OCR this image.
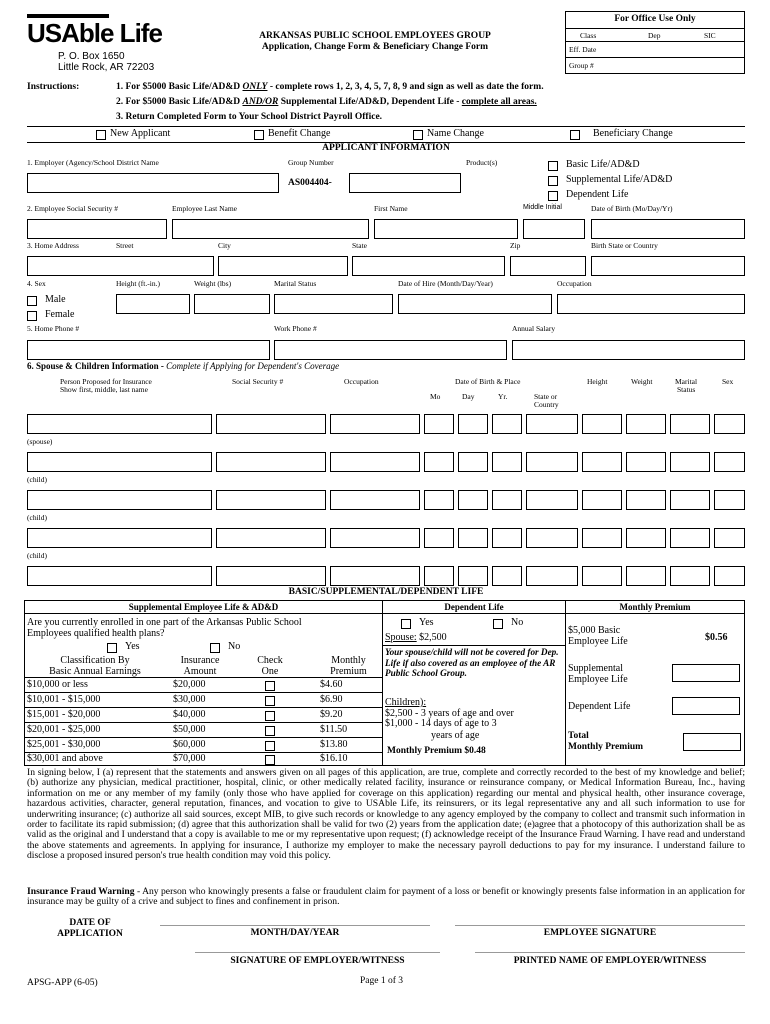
USAble Life
P. O. Box 1650
Little Rock, AR 72203
ARKANSAS PUBLIC SCHOOL EMPLOYEES GROUP
Application, Change Form & Beneficiary Change Form
For Office Use Only
Class	Dep	SIC
Eff. Date
Group #
Instructions:	1. For $5000 Basic Life/AD&D ONLY - complete rows 1, 2, 3, 4, 5, 7, 8, 9 and sign as well as date the form.
2. For $5000 Basic Life/AD&D AND/OR Supplemental Life/AD&D, Dependent Life - complete all areas.
3. Return Completed Form to Your School District Payroll Office.
New Applicant	Benefit Change	Name Change	Beneficiary Change
APPLICANT INFORMATION
1. Employer (Agency/School District Name	Group Number	Product(s)
AS004404-
Basic Life/AD&D
Supplemental Life/AD&D
Dependent Life
2. Employee Social Security #	Employee Last Name	First Name	Middle Initial	Date of Birth (Mo/Day/Yr)
3. Home Address	Street	City	State	Zip	Birth State or Country
4. Sex	Height (ft.-in.)	Weight (lbs)	Marital Status	Date of Hire (Month/Day/Year)	Occupation
Male
Female
5. Home Phone #	Work Phone #	Annual Salary
6. Spouse & Children Information - Complete if Applying for Dependent's Coverage
Person Proposed for Insurance
Show first, middle, last name
Social Security #	Occupation	Date of Birth & Place
Mo	Day	Yr.	State or
Country
Height	Weight	Marital
Status
Sex
(spouse)
(child)
(child)
(child)
BASIC/SUPPLEMENTAL/DEPENDENT LIFE
Supplemental Employee Life & AD&D
Are you currently enrolled in one part of the Arkansas Public School
Employees qualified health plans?
Yes	No
Classification By
Basic Annual Earnings
Insurance
Amount
Check
One
Monthly
Premium
$10,000 or less	$20,000	$4.60
$10,001 - $15,000	$30,000	$6.90
$15,001 - $20,000	$40,000	$9.20
$20,001 - $25,000	$50,000	$11.50
$25,001 - $30,000	$60,000	$13.80
$30,001 and above	$70,000	$16.10
Dependent Life
Yes	No
Spouse: $2,500
Your spouse/child will not be covered for Dep. Life if also covered as an employee of the AR Public School Group.
Children):
$2,500 - 3 years of age and over
$1,000 - 14 days of age to 3
years of age
Monthly Premium $0.48
Monthly Premium
$5,000 Basic
Employee Life	$0.56
Supplemental
Employee Life
Dependent Life
Total
Monthly Premium
In signing below, I (a) represent that the statements and answers given on all pages of this application, are true, complete and correctly recorded to the best of my knowledge and belief; (b) authorize any physician, medical practitioner, hospital, clinic, or other medically related facility, insurance or reinsurance company, or Medical Information Bureau, Inc., having information on me or any member of my family (only those who have applied for coverage on this application) regarding our mental and physical health, other insurance coverage, hazardous activities, character, general reputation, finances, and vocation to give to USAble Life, its reinsurers, or its legal representative any and all such information to use for underwriting insurance; (c) authorize all said sources, except MIB, to give such records or knowledge to any agency employed by the company to collect and transmit such information in order to facilitate its rapid submission; (d) agree that this authorization shall be valid for two (2) years from the application date; (e)agree that a photocopy of this authorization shall be as valid as the original and I understand that a copy is available to me or my representative upon request; (f) acknowledge receipt of the Insurance Fraud Warning. I have read and understand the above statements and agreements. In applying for insurance, I authorize my employer to make the necessary payroll deductions to pay for my insurance. I understand failure to disclose a proposed insured person's true health condition may void this policy.
Insurance Fraud Warning - Any person who knowingly presents a false or fraudulent claim for payment of a loss or benefit or knowingly presents false information in an application for insurance may be guilty of a crive and subject to fines and confinement in prison.
DATE OF
APPLICATION	MONTH/DAY/YEAR	EMPLOYEE SIGNATURE
SIGNATURE OF EMPLOYER/WITNESS	PRINTED NAME OF EMPLOYER/WITNESS
APSG-APP (6-05)	Page 1 of 3
